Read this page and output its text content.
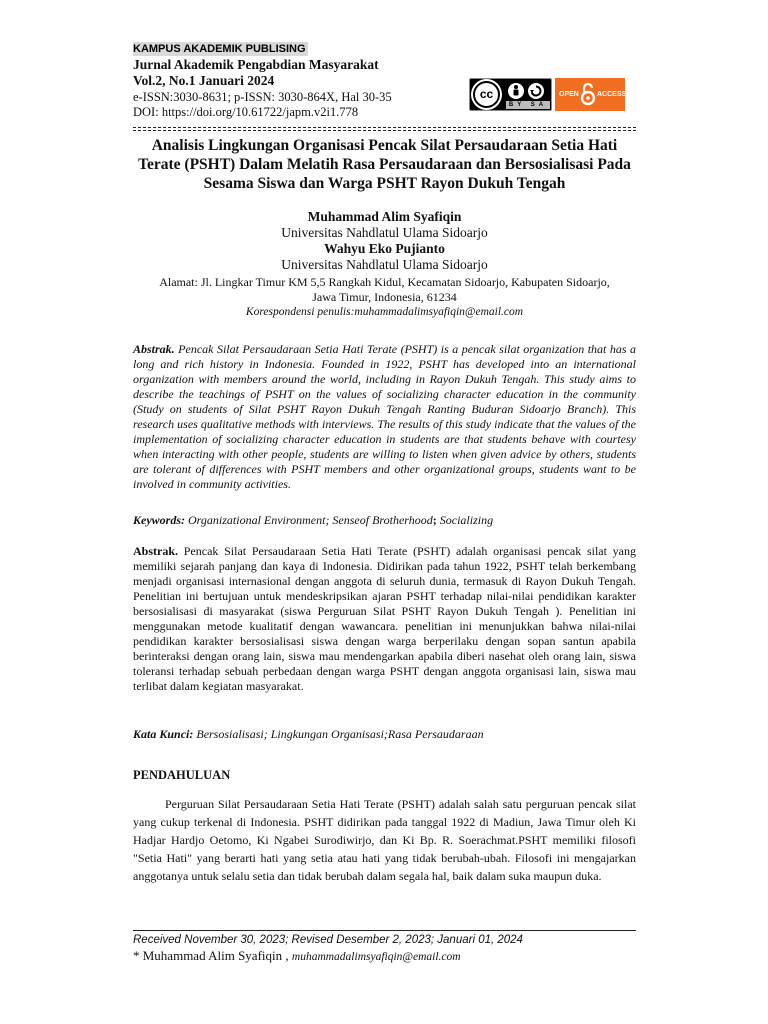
KAMPUS AKADEMIK PUBLISING
Jurnal Akademik Pengabdian Masyarakat
Vol.2, No.1 Januari 2024
e-ISSN:3030-8631; p-ISSN: 3030-864X, Hal 30-35
DOI: https://doi.org/10.61722/japm.v2i1.778
cc
BY SA
OPEN	ACCESS
Analisis Lingkungan Organisasi Pencak Silat Persaudaraan Setia Hati Terate (PSHT) Dalam Melatih Rasa Persaudaraan dan Bersosialisasi Pada Sesama Siswa dan Warga PSHT Rayon Dukuh Tengah
Muhammad Alim Syafiqin
Universitas Nahdlatul Ulama Sidoarjo
Wahyu Eko Pujianto
Universitas Nahdlatul Ulama Sidoarjo
Alamat: Jl. Lingkar Timur KM 5,5 Rangkah Kidul, Kecamatan Sidoarjo, Kabupaten Sidoarjo,
Jawa Timur, Indonesia, 61234
Korespondensi penulis:muhammadalimsyafiqin@email.com
Abstrak. Pencak Silat Persaudaraan Setia Hati Terate (PSHT) is a pencak silat organization that has a long and rich history in Indonesia. Founded in 1922, PSHT has developed into an international organization with members around the world, including in Rayon Dukuh Tengah. This study aims to describe the teachings of PSHT on the values of socializing character education in the community (Study on students of Silat PSHT Rayon Dukuh Tengah Ranting Buduran Sidoarjo Branch). This research uses qualitative methods with interviews. The results of this study indicate that the values of the implementation of socializing character education in students are that students behave with courtesy when interacting with other people, students are willing to listen when given advice by others, students are tolerant of differences with PSHT members and other organizational groups, students want to be involved in community activities.
Keywords: Organizational Environment; Senseof Brotherhood; Socializing
Abstrak. Pencak Silat Persaudaraan Setia Hati Terate (PSHT) adalah organisasi pencak silat yang memiliki sejarah panjang dan kaya di Indonesia. Didirikan pada tahun 1922, PSHT telah berkembang menjadi organisasi internasional dengan anggota di seluruh dunia, termasuk di Rayon Dukuh Tengah. Penelitian ini bertujuan untuk mendeskripsikan ajaran PSHT terhadap nilai-nilai pendidikan karakter bersosialisasi di masyarakat (siswa Perguruan Silat PSHT Rayon Dukuh Tengah ). Penelitian ini menggunakan metode kualitatif dengan wawancara. penelitian ini menunjukkan bahwa nilai-nilai pendidikan karakter bersosialisasi siswa dengan warga berperilaku dengan sopan santun apabila berinteraksi dengan orang lain, siswa mau mendengarkan apabila diberi nasehat oleh orang lain, siswa toleransi terhadap sebuah perbedaan dengan warga PSHT dengan anggota organisasi lain, siswa mau terlibat dalam kegiatan masyarakat.
Kata Kunci: Bersosialisasi; Lingkungan Organisasi;Rasa Persaudaraan
PENDAHULUAN
Perguruan Silat Persaudaraan Setia Hati Terate (PSHT) adalah salah satu perguruan pencak silat yang cukup terkenal di Indonesia. PSHT didirikan pada tanggal 1922 di Madiun, Jawa Timur oleh Ki Hadjar Hardjo Oetomo, Ki Ngabei Surodiwirjo, dan Ki Bp. R. Soerachmat.PSHT memiliki filosofi "Setia Hati" yang berarti hati yang setia atau hati yang tidak berubah-ubah. Filosofi ini mengajarkan anggotanya untuk selalu setia dan tidak berubah dalam segala hal, baik dalam suka maupun duka.
Received November 30, 2023; Revised Desember 2, 2023; Januari 01, 2024
* Muhammad Alim Syafiqin , muhammadalimsyafiqin@email.com
